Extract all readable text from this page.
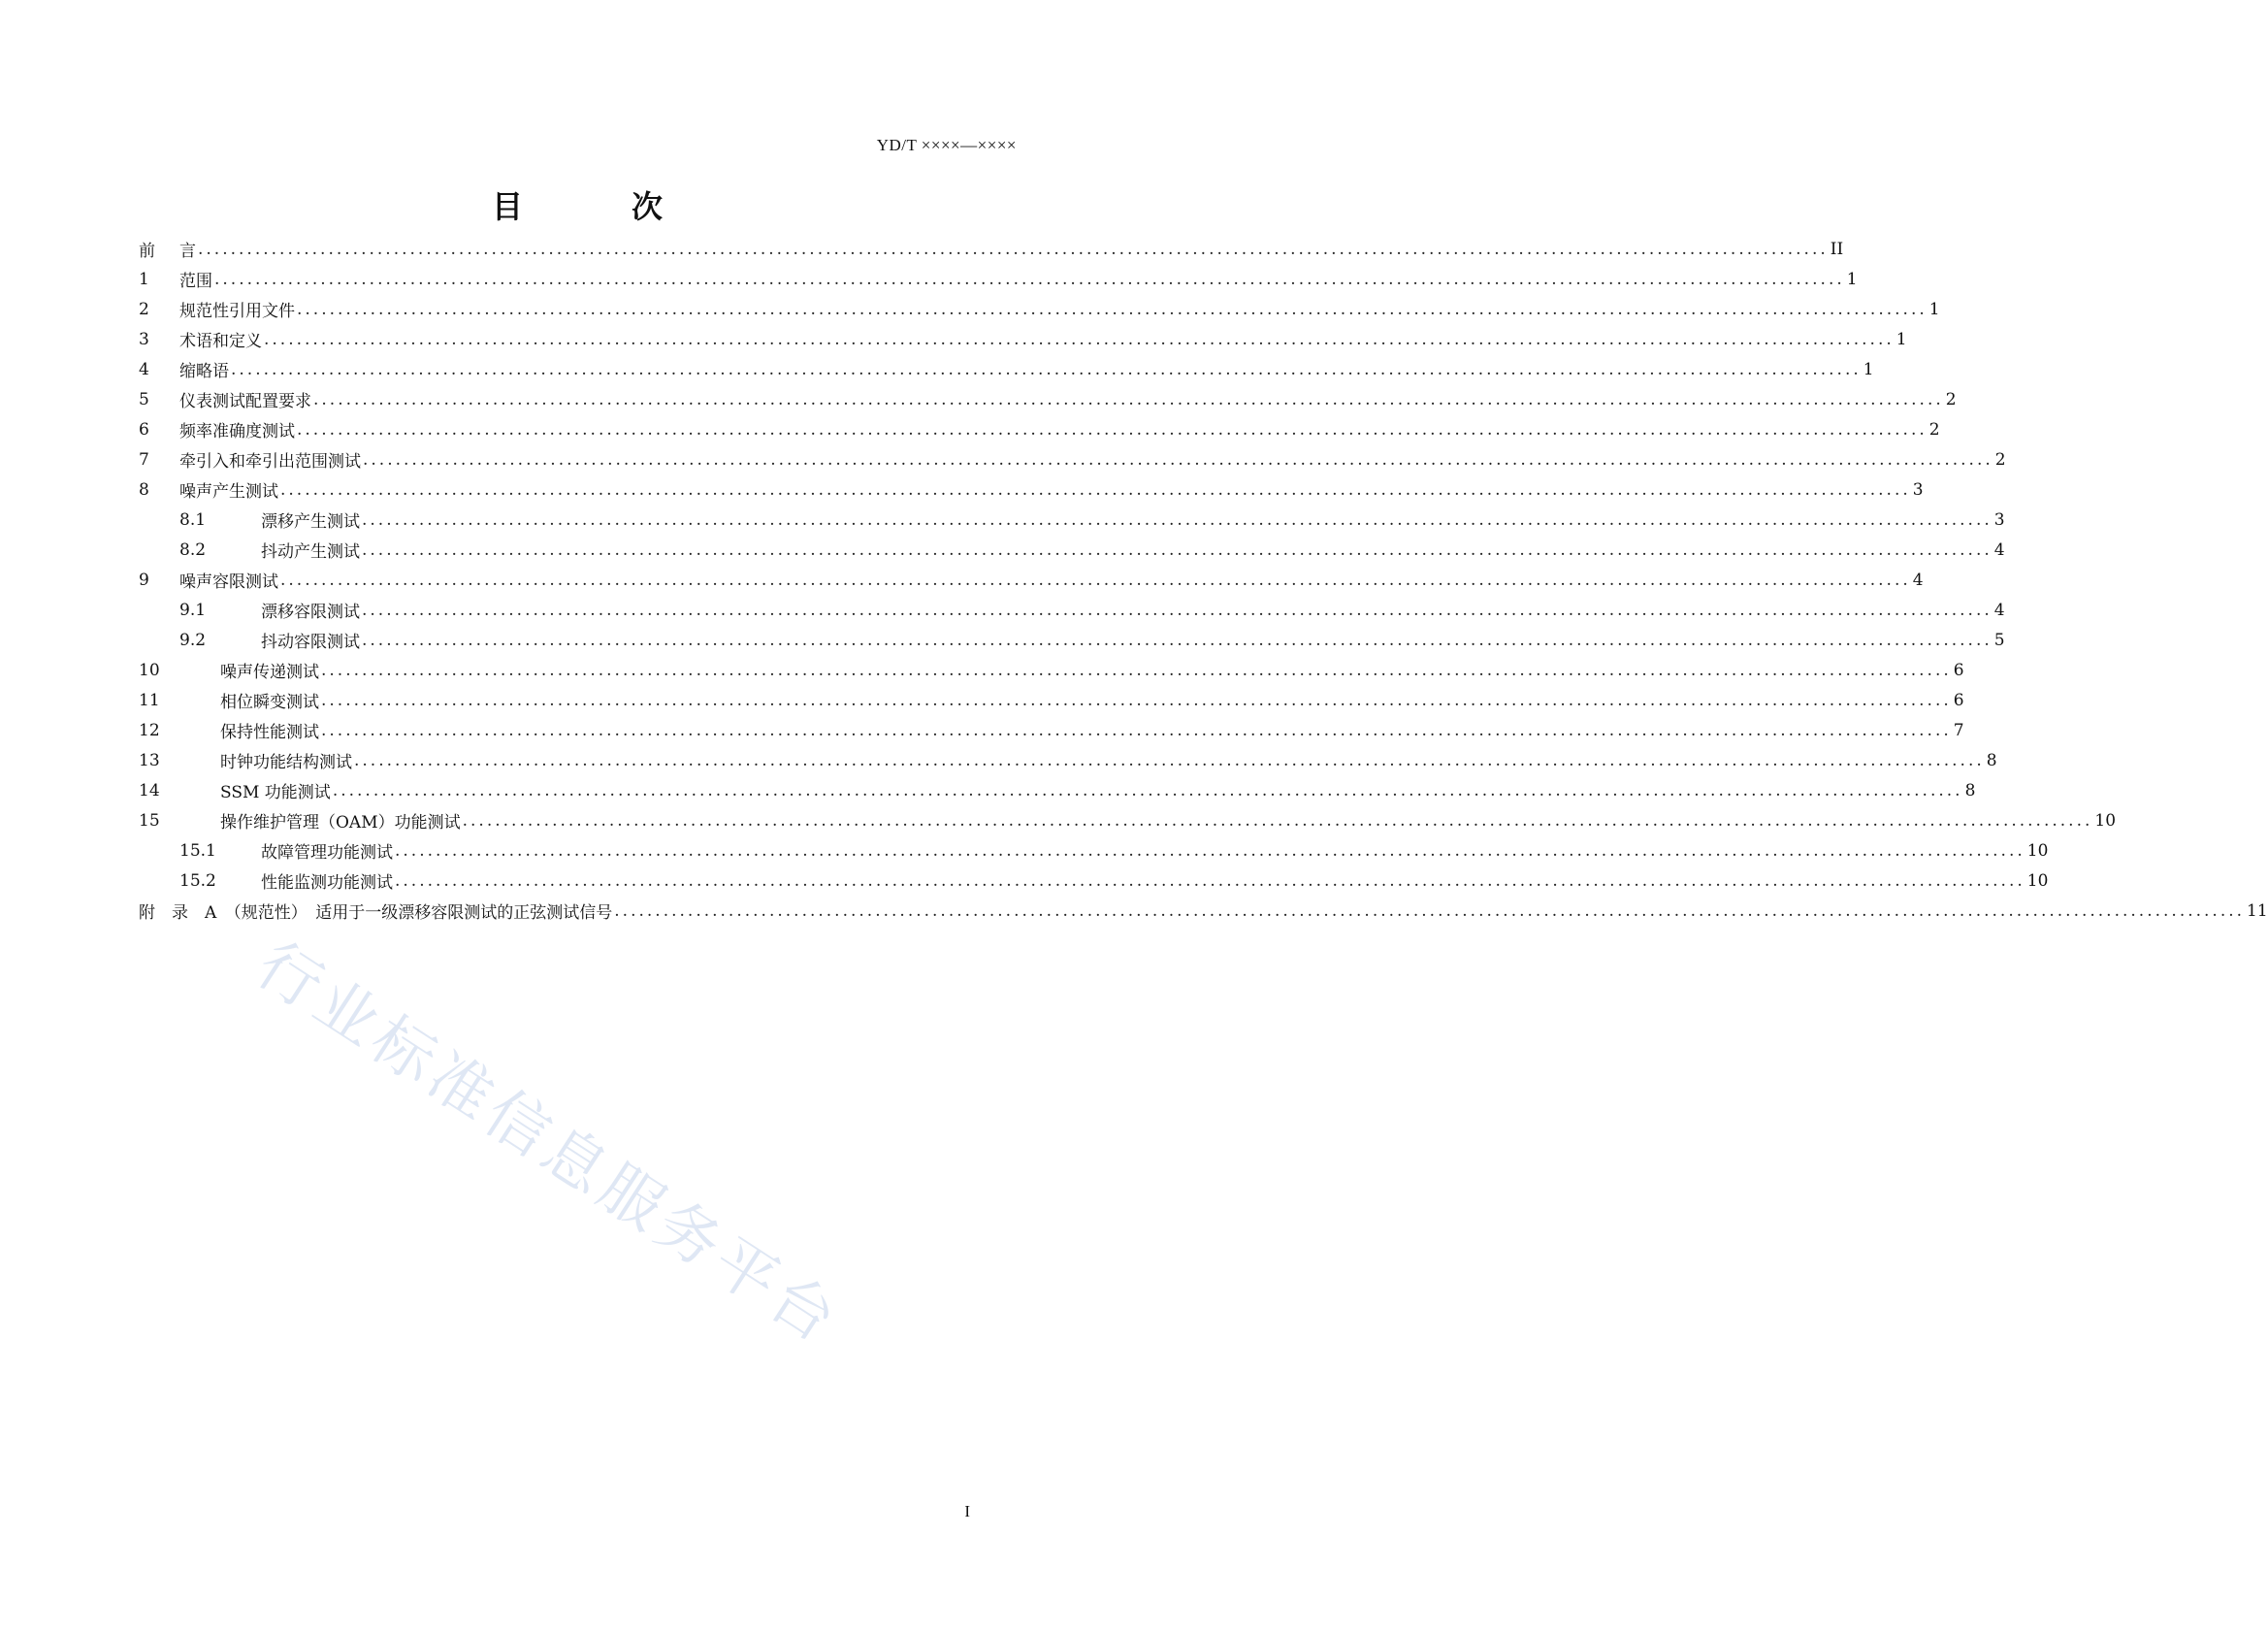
YD/T ××××—××××
目　次
前	言 ........................................................................................................................................................................................................ II
1	范围 ........................................................................................................................................................................................................ 1
2	规范性引用文件 ........................................................................................................................................................................................................ 1
3	术语和定义 ........................................................................................................................................................................................................ 1
4	缩略语 ........................................................................................................................................................................................................ 1
5	仪表测试配置要求 ........................................................................................................................................................................................................ 2
6	频率准确度测试 ........................................................................................................................................................................................................ 2
7	牵引入和牵引出范围测试 ........................................................................................................................................................................................................ 2
8	噪声产生测试 ........................................................................................................................................................................................................ 3
8.1	漂移产生测试 ........................................................................................................................................................................................................ 3
8.2	抖动产生测试 ........................................................................................................................................................................................................ 4
9	噪声容限测试 ........................................................................................................................................................................................................ 4
9.1	漂移容限测试 ........................................................................................................................................................................................................ 4
9.2	抖动容限测试 ........................................................................................................................................................................................................ 5
10	噪声传递测试 ........................................................................................................................................................................................................ 6
11	相位瞬变测试 ........................................................................................................................................................................................................ 6
12	保持性能测试 ........................................................................................................................................................................................................ 7
13	时钟功能结构测试 ........................................................................................................................................................................................................ 8
14	SSM 功能测试 ........................................................................................................................................................................................................ 8
15	操作维护管理（OAM）功能测试 ........................................................................................................................................................................................................ 10
15.1	故障管理功能测试 ........................................................................................................................................................................................................ 10
15.2	性能监测功能测试 ........................................................................................................................................................................................................ 10
附　录　A　（规范性）　适用于一级漂移容限测试的正弦测试信号 ........................................................................................................................................................................................................ 11
行业标准信息服务平台
I
